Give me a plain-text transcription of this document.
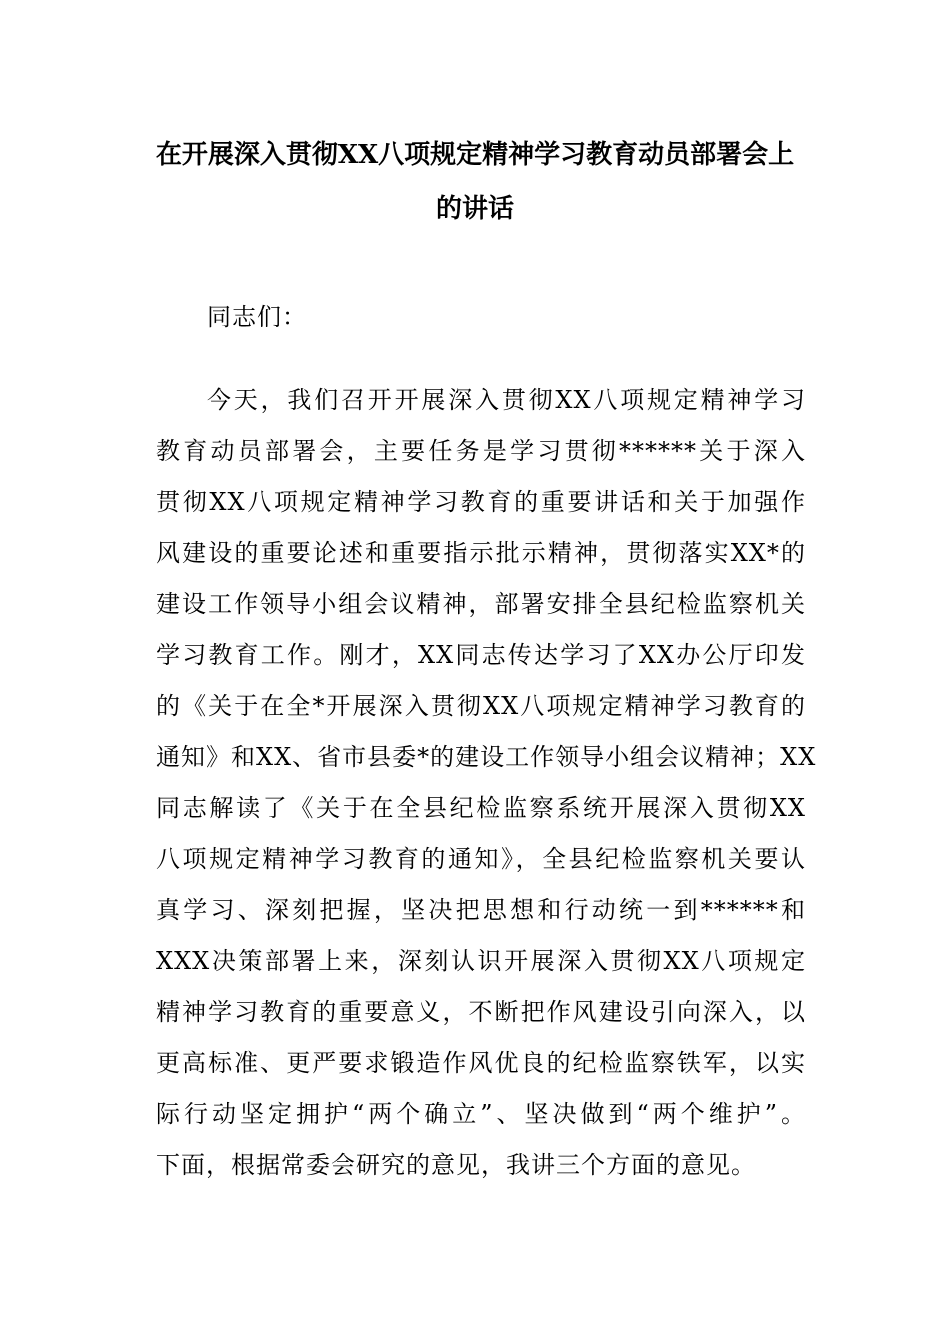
在开展深入贯彻XX八项规定精神学习教育动员部署会上
的讲话
同志们：
今天，我们召开开展深入贯彻XX八项规定精神学习
教育动员部署会，主要任务是学习贯彻******关于深入
贯彻XX八项规定精神学习教育的重要讲话和关于加强作
风建设的重要论述和重要指示批示精神，贯彻落实XX*的
建设工作领导小组会议精神，部署安排全县纪检监察机关
学习教育工作。刚才，XX同志传达学习了XX办公厅印发
的《关于在全*开展深入贯彻XX八项规定精神学习教育的
通知》和XX、省市县委*的建设工作领导小组会议精神；XX
同志解读了《关于在全县纪检监察系统开展深入贯彻XX
八项规定精神学习教育的通知》，全县纪检监察机关要认
真学习、深刻把握，坚决把思想和行动统一到******和
XXX决策部署上来，深刻认识开展深入贯彻XX八项规定
精神学习教育的重要意义，不断把作风建设引向深入，以
更高标准、更严要求锻造作风优良的纪检监察铁军，以实
际行动坚定拥护“两个确立”、坚决做到“两个维护”。
下面，根据常委会研究的意见，我讲三个方面的意见。
